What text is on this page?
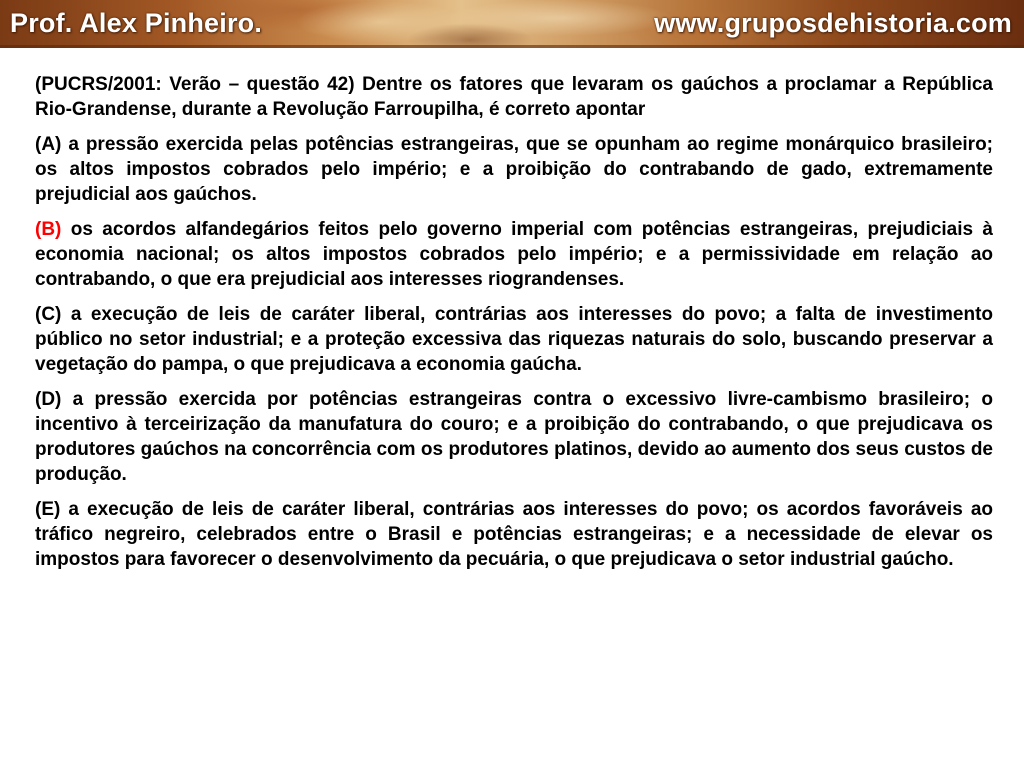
Prof. Alex Pinheiro.	www.gruposdehistoria.com

(PUCRS/2001: Verão – questão 42) Dentre os fatores que levaram os gaúchos a proclamar a República Rio-Grandense, durante a Revolução Farroupilha, é correto apontar

(A) a pressão exercida pelas potências estrangeiras, que se opunham ao regime monárquico brasileiro; os altos impostos cobrados pelo império; e a proibição do contrabando de gado, extremamente prejudicial aos gaúchos.

(B) os acordos alfandegários feitos pelo governo imperial com potências estrangeiras, prejudiciais à economia nacional; os altos impostos cobrados pelo império; e a permissividade em relação ao contrabando, o que era prejudicial aos interesses riograndenses.

(C) a execução de leis de caráter liberal, contrárias aos interesses do povo; a falta de investimento público no setor industrial; e a proteção excessiva das riquezas naturais do solo, buscando preservar a vegetação do pampa, o que prejudicava a economia gaúcha.

(D) a pressão exercida por potências estrangeiras contra o excessivo livre-cambismo brasileiro; o incentivo à terceirização da manufatura do couro; e a proibição do contrabando, o que prejudicava os produtores gaúchos na concorrência com os produtores platinos, devido ao aumento dos seus custos de produção.

(E) a execução de leis de caráter liberal, contrárias aos interesses do povo; os acordos favoráveis ao tráfico negreiro, celebrados entre o Brasil e potências estrangeiras; e a necessidade de elevar os impostos para favorecer o desenvolvimento da pecuária, o que prejudicava o setor industrial gaúcho.
